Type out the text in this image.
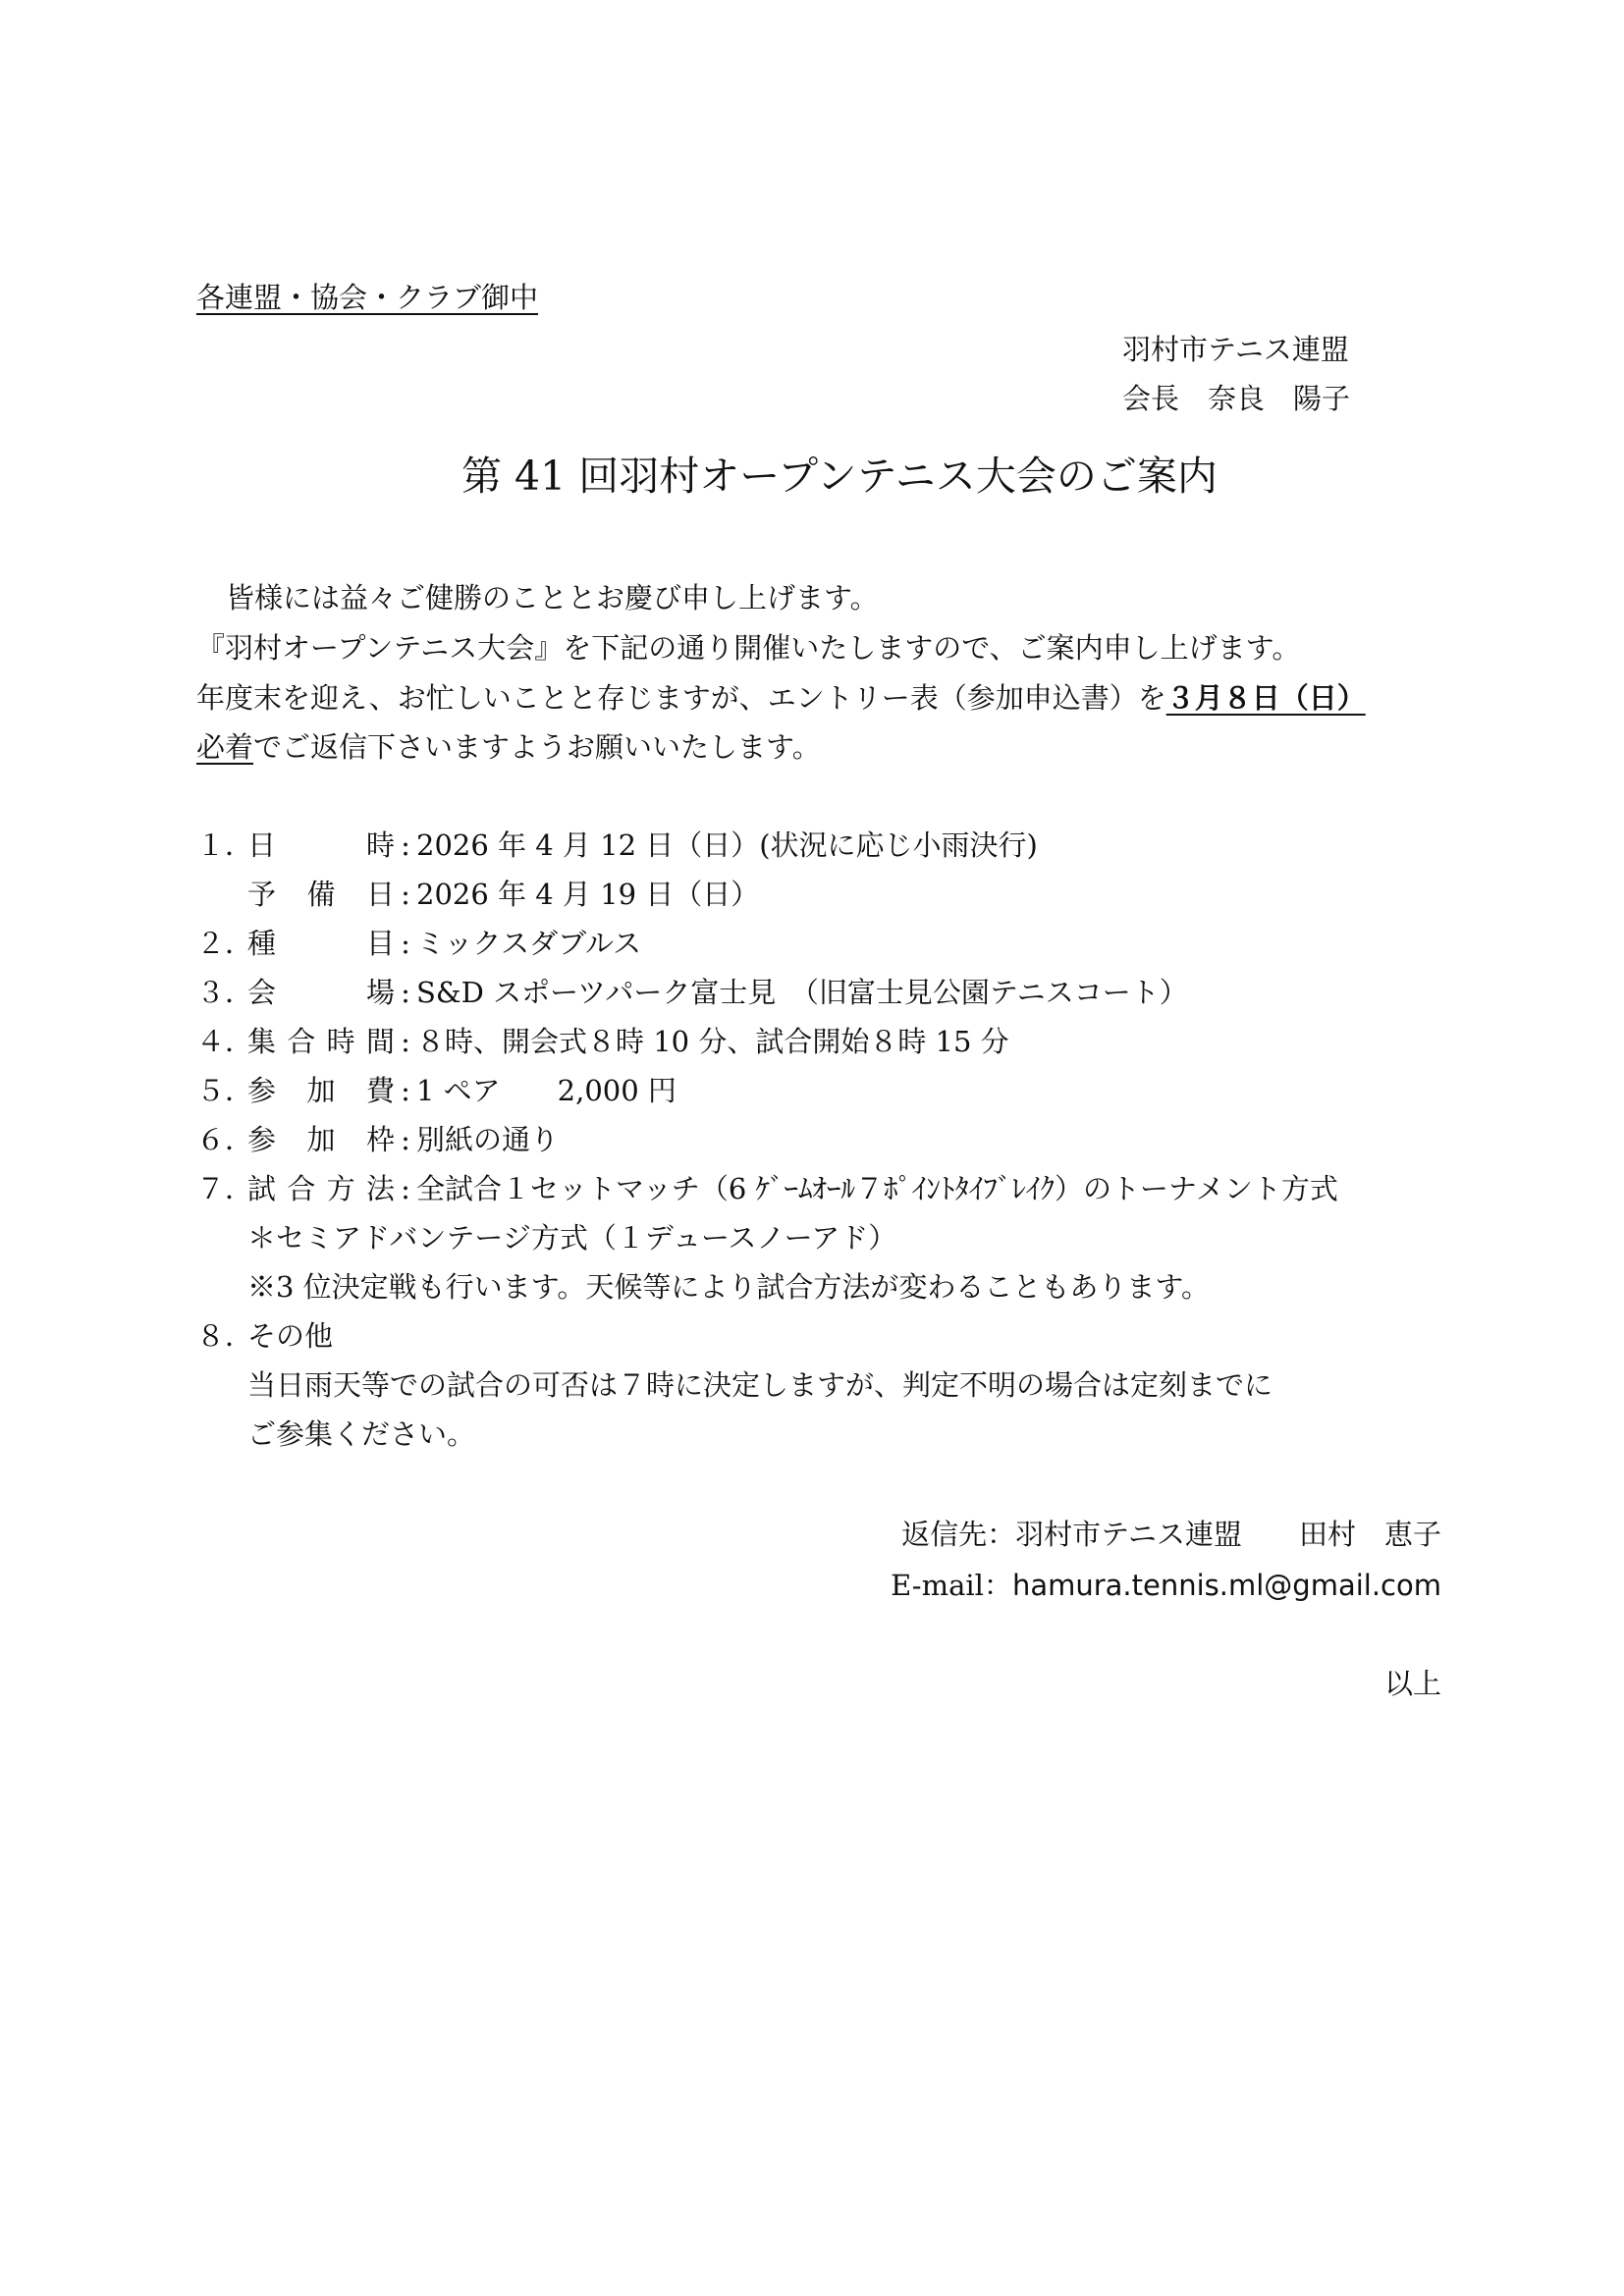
各連盟・協会・クラブ御中
羽村市テニス連盟
会長　 奈良　陽子
第 41 回羽村オープンテニス大会のご案内
皆様には益々ご健勝のこととお慶び申し上げます。
『羽村オープンテニス大会』を下記の通り開催いたしますので、ご案内申し上げます。
年度末を迎え、お忙しいことと存じますが、エントリー表（参加申込書）を３月８日（日）
必着でご返信下さいますようお願いいたします。
１．日　時 : 2026 年 4 月 12 日（日）(状況に応じ小雨決行)
予備日 : 2026 年 4 月 19 日（日）
２．種　目 : ミックスダブルス
３．会　場 : S&D スポーツパーク富士見　（旧富士見公園テニスコート）
４．集合時間 : ８時、開会式８時 10 分、試合開始８時 15 分
５．参加費 : 1 ペア　　2,000 円
６．参加枠 : 別紙の通り
７．試合方法 : 全試合１セットマッチ（6 ｹﾞｰﾑｵｰﾙ７ﾎﾟｲﾝﾄﾀｲﾌﾞﾚｲｸ）のトーナメント方式
＊セミアドバンテージ方式（１デュースノーアド）
※3 位決定戦も行います。天候等により試合方法が変わることもあります。
８．その他
当日雨天等での試合の可否は７時に決定しますが、判定不明の場合は定刻までに
ご参集ください。
返信先：羽村市テニス連盟　　田村　恵子
E-mail：hamura.tennis.ml@gmail.com
以上
